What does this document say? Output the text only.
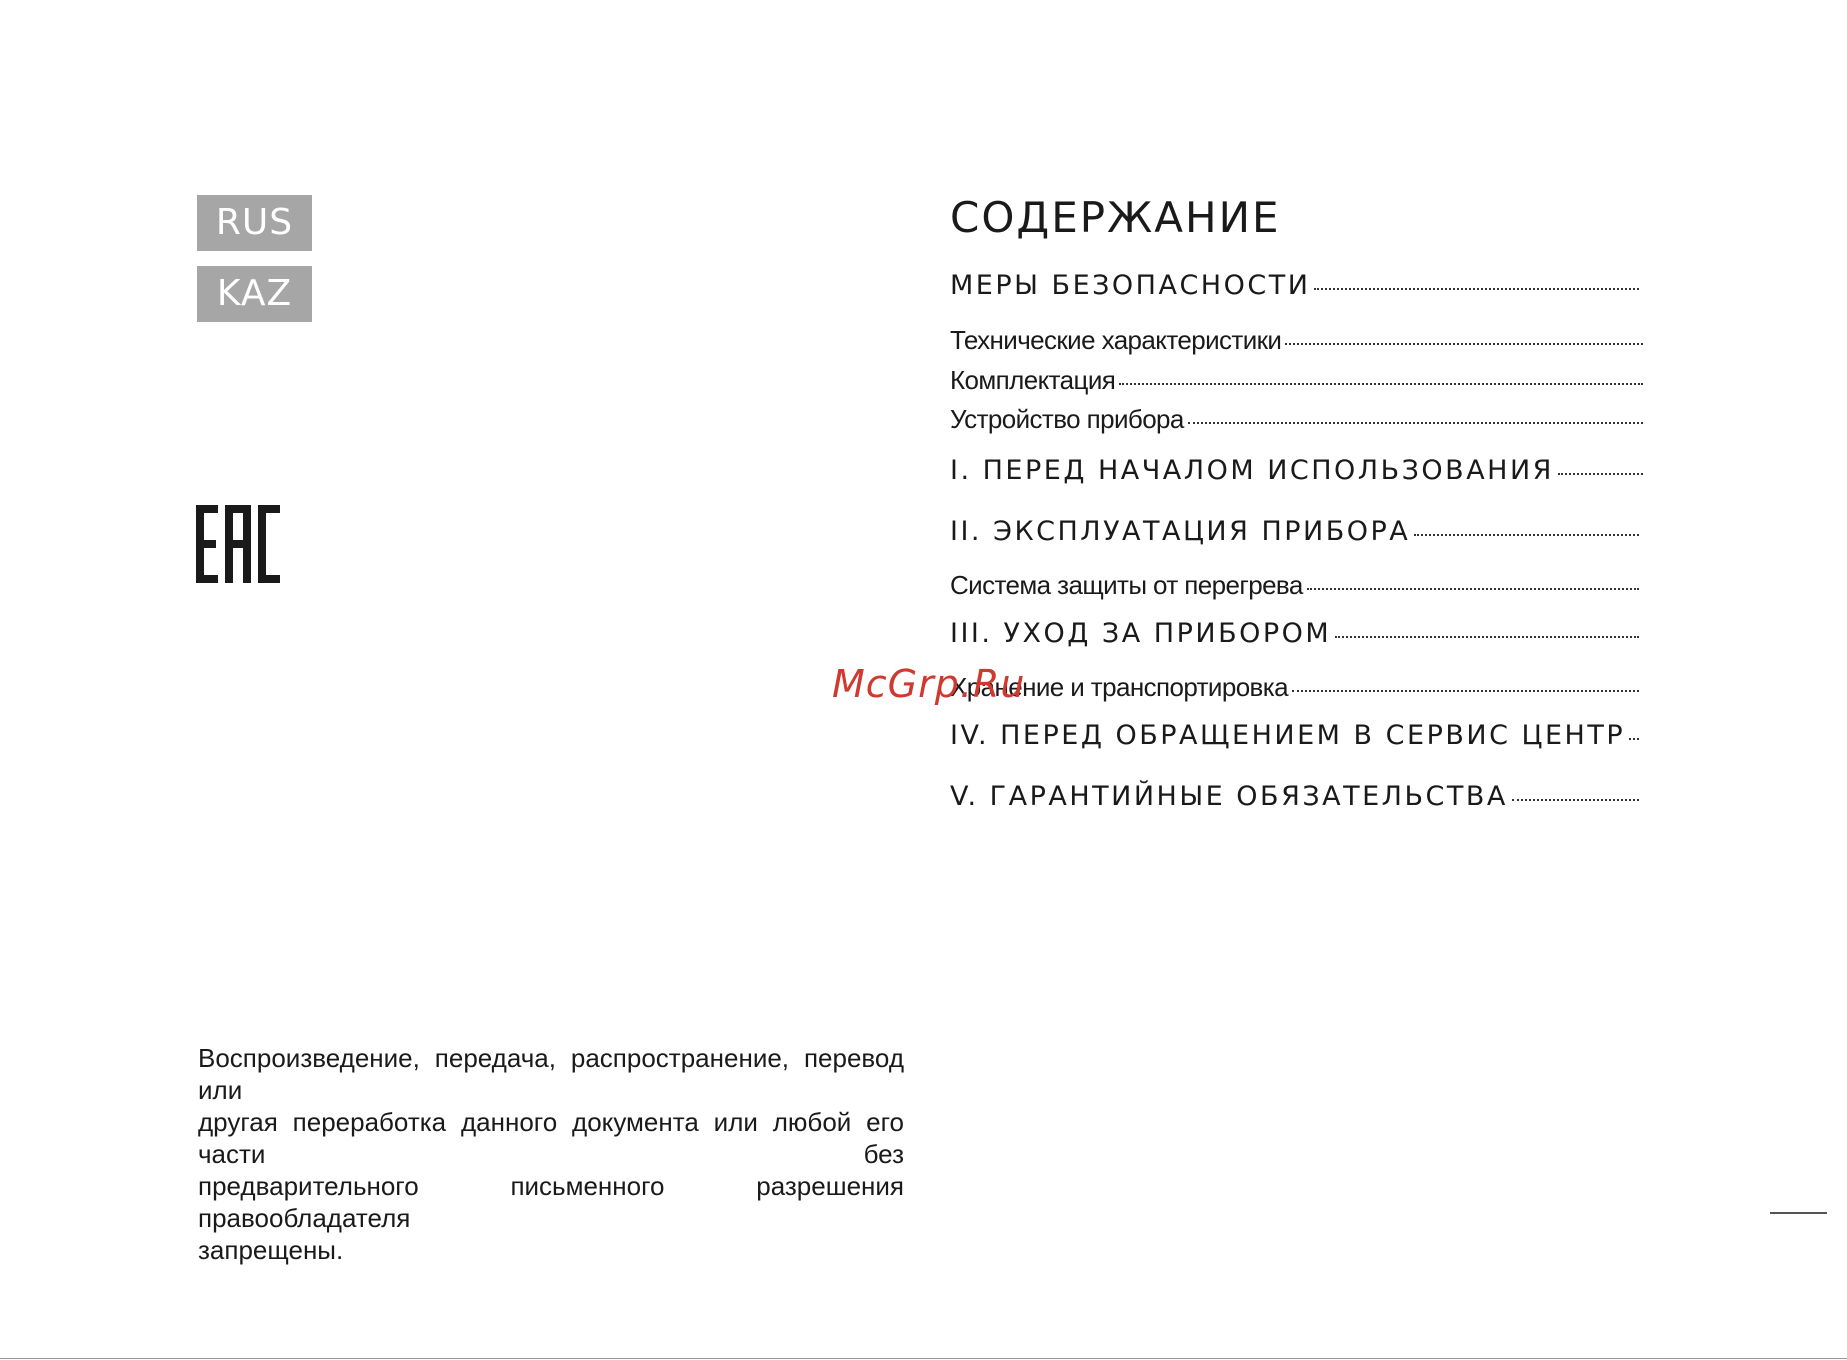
RUS
KAZ
Воспроизведение, передача, распространение, перевод или
другая переработка данного документа или любой его части без
предварительного письменного разрешения правообладателя
запрещены.
СОДЕРЖАНИЕ
МЕРЫ БЕЗОПАСНОСТИ
Технические характеристики
Комплектация
Устройство прибора
I. ПЕРЕД НАЧАЛОМ ИСПОЛЬЗОВАНИЯ
II. ЭКСПЛУАТАЦИЯ ПРИБОРА
Система защиты от перегрева
III. УХОД ЗА ПРИБОРОМ
Хранение и транспортировка
IV. ПЕРЕД ОБРАЩЕНИЕМ В СЕРВИС ЦЕНТР
V. ГАРАНТИЙНЫЕ ОБЯЗАТЕЛЬСТВА
McGrp.Ru
